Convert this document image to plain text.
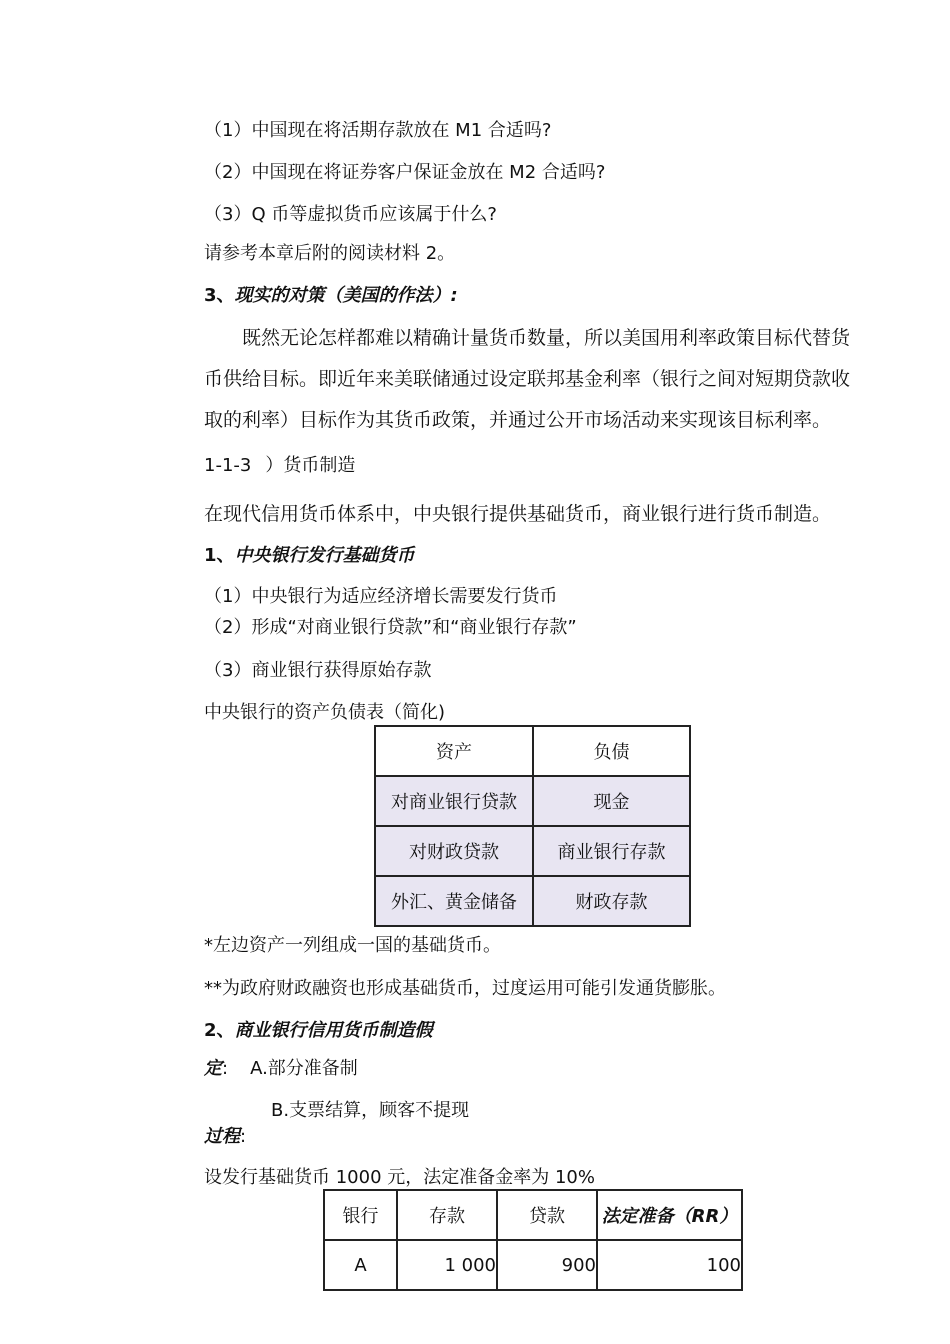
（1）中国现在将活期存款放在 M1 合适吗?
（2）中国现在将证券客户保证金放在 M2 合适吗?
（3）Q 币等虚拟货币应该属于什么?
请参考本章后附的阅读材料 2。
3、现实的对策（美国的作法）:
既然无论怎样都难以精确计量货币数量，所以美国用利率政策目标代替货币供给目标。即近年来美联储通过设定联邦基金利率（银行之间对短期贷款收取的利率）目标作为其货币政策，并通过公开市场活动来实现该目标利率。
1-1-3 ）货币制造
在现代信用货币体系中，中央银行提供基础货币，商业银行进行货币制造。
1、中央银行发行基础货币
（1）中央银行为适应经济增长需要发行货币
（2）形成“对商业银行贷款”和“商业银行存款”
（3）商业银行获得原始存款
中央银行的资产负债表（简化)
资产	负债
对商业银行贷款	现金
对财政贷款	商业银行存款
外汇、黄金储备	财政存款
*左边资产一列组成一国的基础货币。
**为政府财政融资也形成基础货币，过度运用可能引发通货膨胀。
2、商业银行信用货币制造假
定: A.部分准备制
B.支票结算，顾客不提现
过程:
设发行基础货币 1000 元，法定准备金率为 10%
银行	存款	贷款	法定准备（RR）
A	1 000	900	100
